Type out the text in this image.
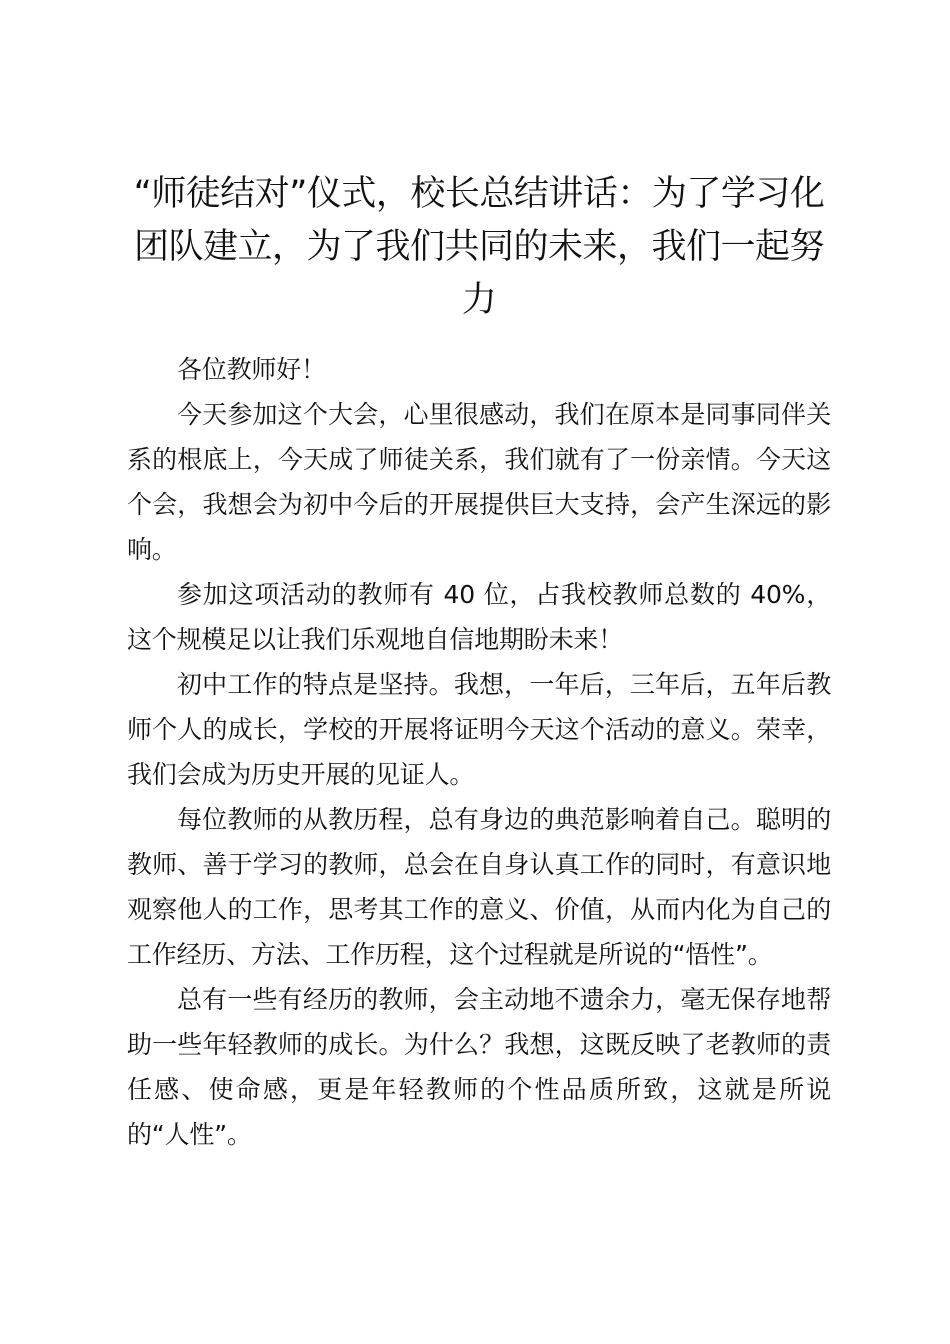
“师徒结对”仪式，校长总结讲话：为了学习化团队建立，为了我们共同的未来，我们一起努力

各位教师好！

今天参加这个大会，心里很感动，我们在原本是同事同伴关系的根底上，今天成了师徒关系，我们就有了一份亲情。今天这个会，我想会为初中今后的开展提供巨大支持，会产生深远的影响。

参加这项活动的教师有 40 位，占我校教师总数的 40%，这个规模足以让我们乐观地自信地期盼未来！

初中工作的特点是坚持。我想，一年后，三年后，五年后教师个人的成长，学校的开展将证明今天这个活动的意义。荣幸，我们会成为历史开展的见证人。

每位教师的从教历程，总有身边的典范影响着自己。聪明的教师、善于学习的教师，总会在自身认真工作的同时，有意识地观察他人的工作，思考其工作的意义、价值，从而内化为自己的工作经历、方法、工作历程，这个过程就是所说的“悟性”。

总有一些有经历的教师，会主动地不遗余力，毫无保存地帮助一些年轻教师的成长。为什么？我想，这既反映了老教师的责任感、使命感，更是年轻教师的个性品质所致，这就是所说的“人性”。
